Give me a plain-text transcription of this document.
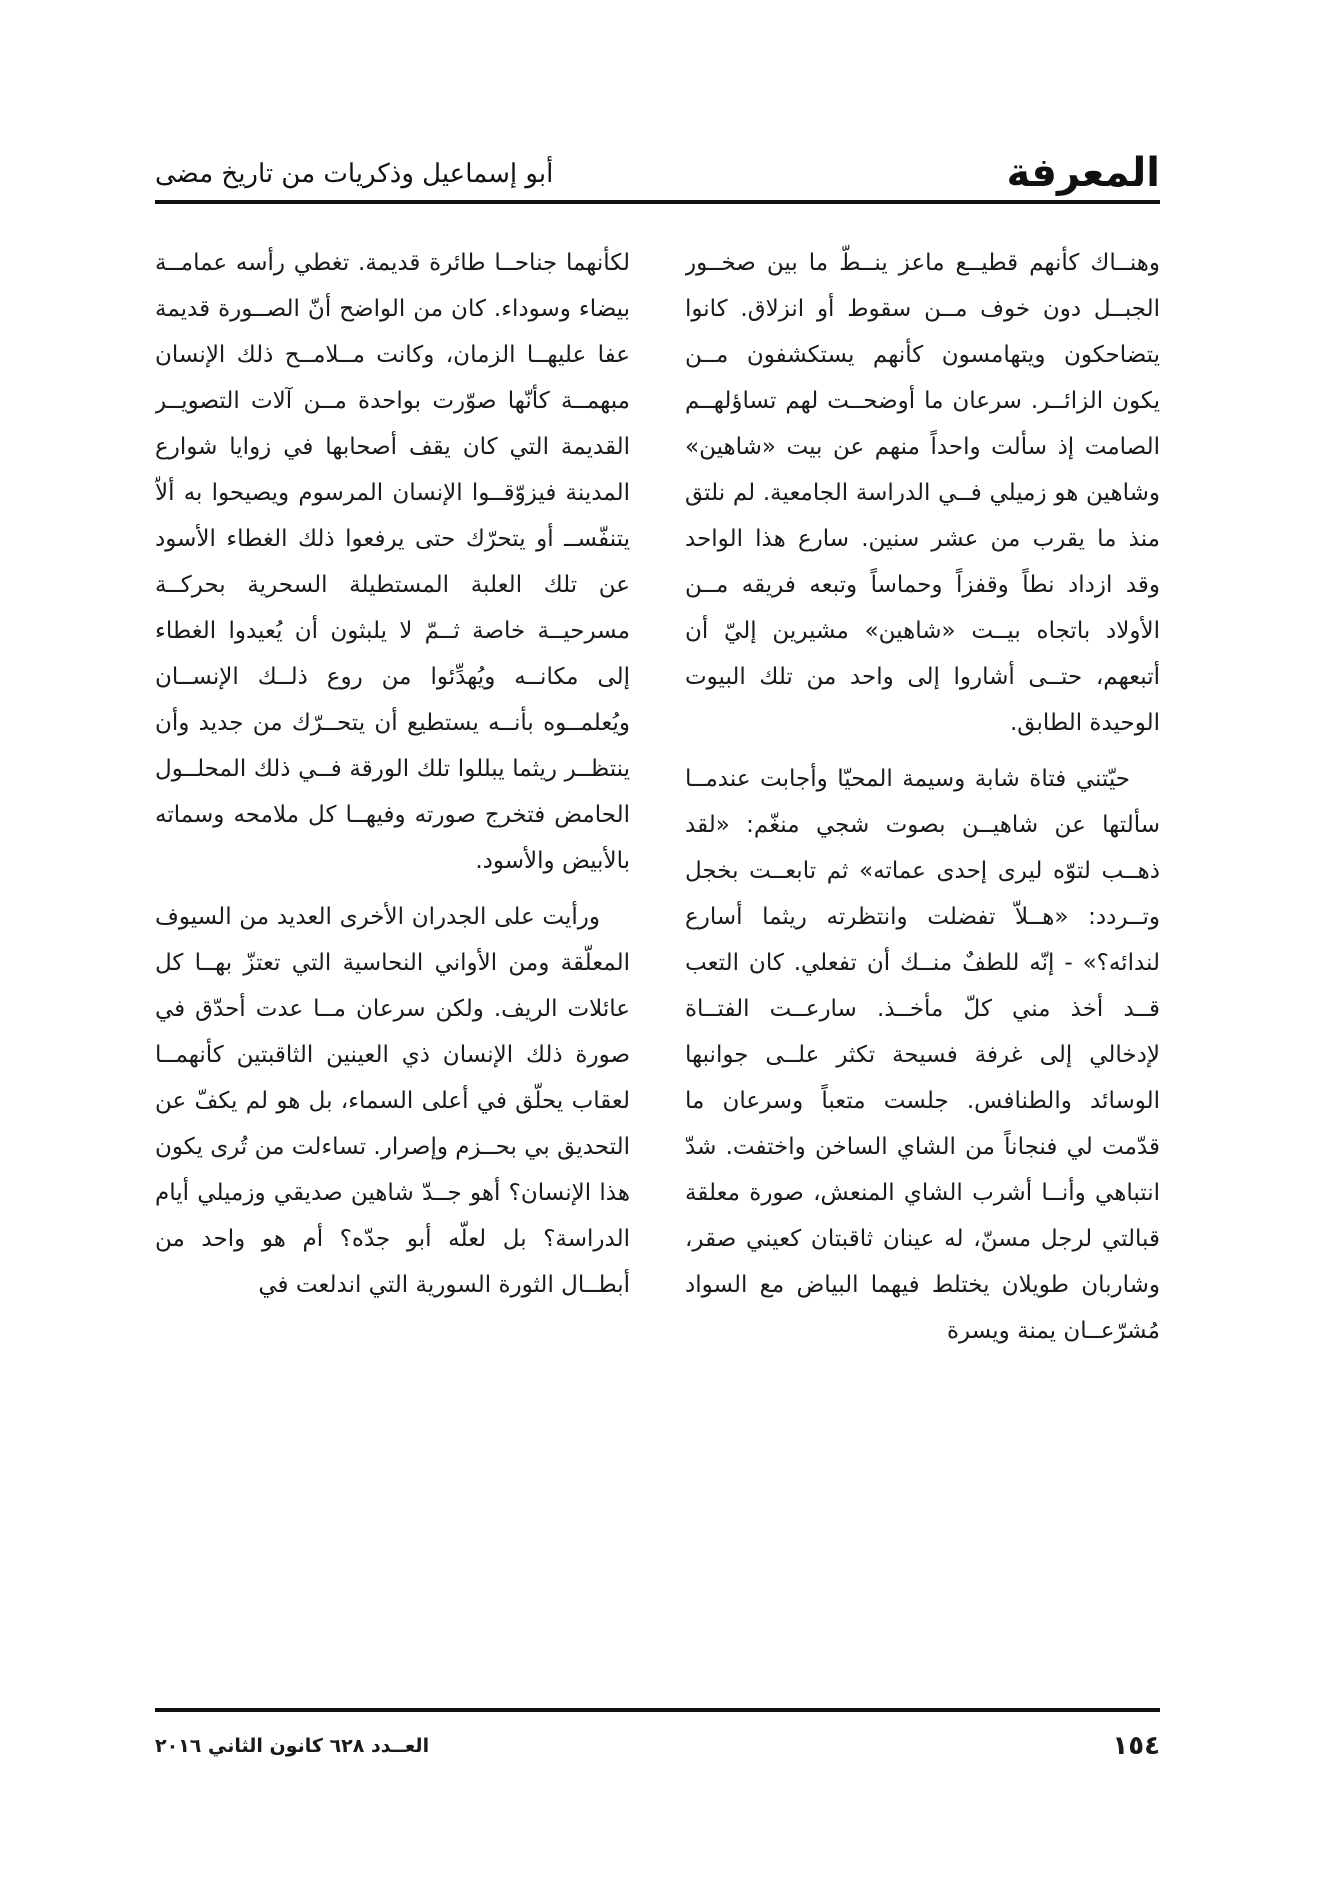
المعرفة
أبو إسماعيل وذكريات من تاريخ مضى

وهنــاك كأنهم قطيــع ماعز ينــطّ ما بين صخــور الجبــل دون خوف مــن سقوط أو انزلاق. كانوا يتضاحكون ويتهامسون كأنهم يستكشفون مــن يكون الزائــر. سرعان ما أوضحــت لهم تساؤلهــم الصامت إذ سألت واحداً منهم عن بيت «شاهين» وشاهين هو زميلي فــي الدراسة الجامعية. لم نلتق منذ ما يقرب من عشر سنين. سارع هذا الواحد وقد ازداد نطاً وقفزاً وحماساً وتبعه فريقه مــن الأولاد باتجاه بيــت «شاهين» مشيرين إليّ أن أتبعهم، حتــى أشاروا إلى واحد من تلك البيوت الوحيدة الطابق.

حيّتني فتاة شابة وسيمة المحيّا وأجابت عندمــا سألتها عن شاهيــن بصوت شجي منغّم: «لقد ذهــب لتوّه ليرى إحدى عماته» ثم تابعــت بخجل وتــردد: «هــلاّ تفضلت وانتظرته ريثما أسارع لندائه؟» - إنّه للطفٌ منــك أن تفعلي. كان التعب قــد أخذ مني كلّ مأخــذ. سارعــت الفتــاة لإدخالي إلى غرفة فسيحة تكثر علــى جوانبها الوسائد والطنافس. جلست متعباً وسرعان ما قدّمت لي فنجاناً من الشاي الساخن واختفت. شدّ انتباهي وأنــا أشرب الشاي المنعش، صورة معلقة قبالتي لرجل مسنّ، له عينان ثاقبتان كعيني صقر، وشاربان طويلان يختلط فيهما البياض مع السواد مُشرّعــان يمنة ويسرة

لكأنهما جناحــا طائرة قديمة. تغطي رأسه عمامــة بيضاء وسوداء. كان من الواضح أنّ الصــورة قديمة عفا عليهــا الزمان، وكانت مــلامــح ذلك الإنسان مبهمــة كأنّها صوّرت بواحدة مــن آلات التصويــر القديمة التي كان يقف أصحابها في زوايا شوارع المدينة فيزوّقــوا الإنسان المرسوم ويصيحوا به ألاّ يتنفّســ أو يتحرّك حتى يرفعوا ذلك الغطاء الأسود عن تلك العلبة المستطيلة السحرية بحركــة مسرحيــة خاصة ثــمّ لا يلبثون أن يُعيدوا الغطاء إلى مكانــه ويُهدِّئوا من روع ذلــك الإنســان ويُعلمــوه بأنــه يستطيع أن يتحــرّك من جديد وأن ينتظــر ريثما يبللوا تلك الورقة فــي ذلك المحلــول الحامض فتخرج صورته وفيهــا كل ملامحه وسماته بالأبيض والأسود.

ورأيت على الجدران الأخرى العديد من السيوف المعلّقة ومن الأواني النحاسية التي تعتزّ بهــا كل عائلات الريف. ولكن سرعان مــا عدت أحدّق في صورة ذلك الإنسان ذي العينين الثاقبتين كأنهمــا لعقاب يحلّق في أعلى السماء، بل هو لم يكفّ عن التحديق بي بحــزم وإصرار. تساءلت من تُرى يكون هذا الإنسان؟ أهو جــدّ شاهين صديقي وزميلي أيام الدراسة؟ بل لعلّه أبو جدّه؟ أم هو واحد من أبطــال الثورة السورية التي اندلعت في

١٥٤
العــدد ٦٢٨ كانون الثاني ٢٠١٦
